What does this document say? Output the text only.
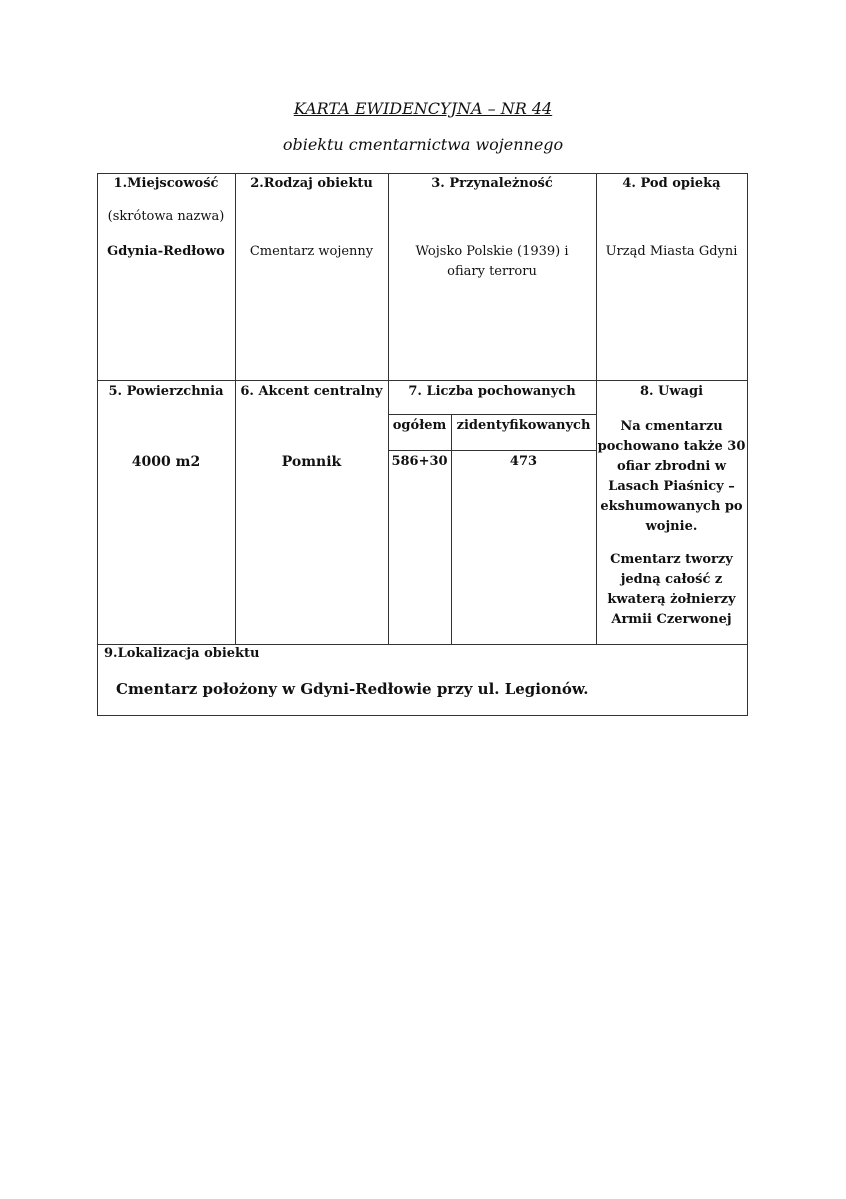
KARTA EWIDENCYJNA – NR 44
obiektu cmentarnictwa wojennego
1.Miejscowość
(skrótowa nazwa)
Gdynia-Redłowo
2.Rodzaj obiektu
Cmentarz wojenny
3. Przynależność
Wojsko Polskie (1939) i
ofiary terroru
4. Pod opieką
Urząd Miasta Gdyni
5. Powierzchnia
4000 m2
6. Akcent centralny
Pomnik
7. Liczba pochowanych
ogółem zidentyfikowanych
586+30	473
8. Uwagi
Na cmentarzu
pochowano także 30
ofiar zbrodni w
Lasach Piaśnicy –
ekshumowanych po
wojnie.
Cmentarz tworzy
jedną całość z
kwaterą żołnierzy
Armii Czerwonej
9.Lokalizacja obiektu
Cmentarz położony w Gdyni-Redłowie przy ul. Legionów.
